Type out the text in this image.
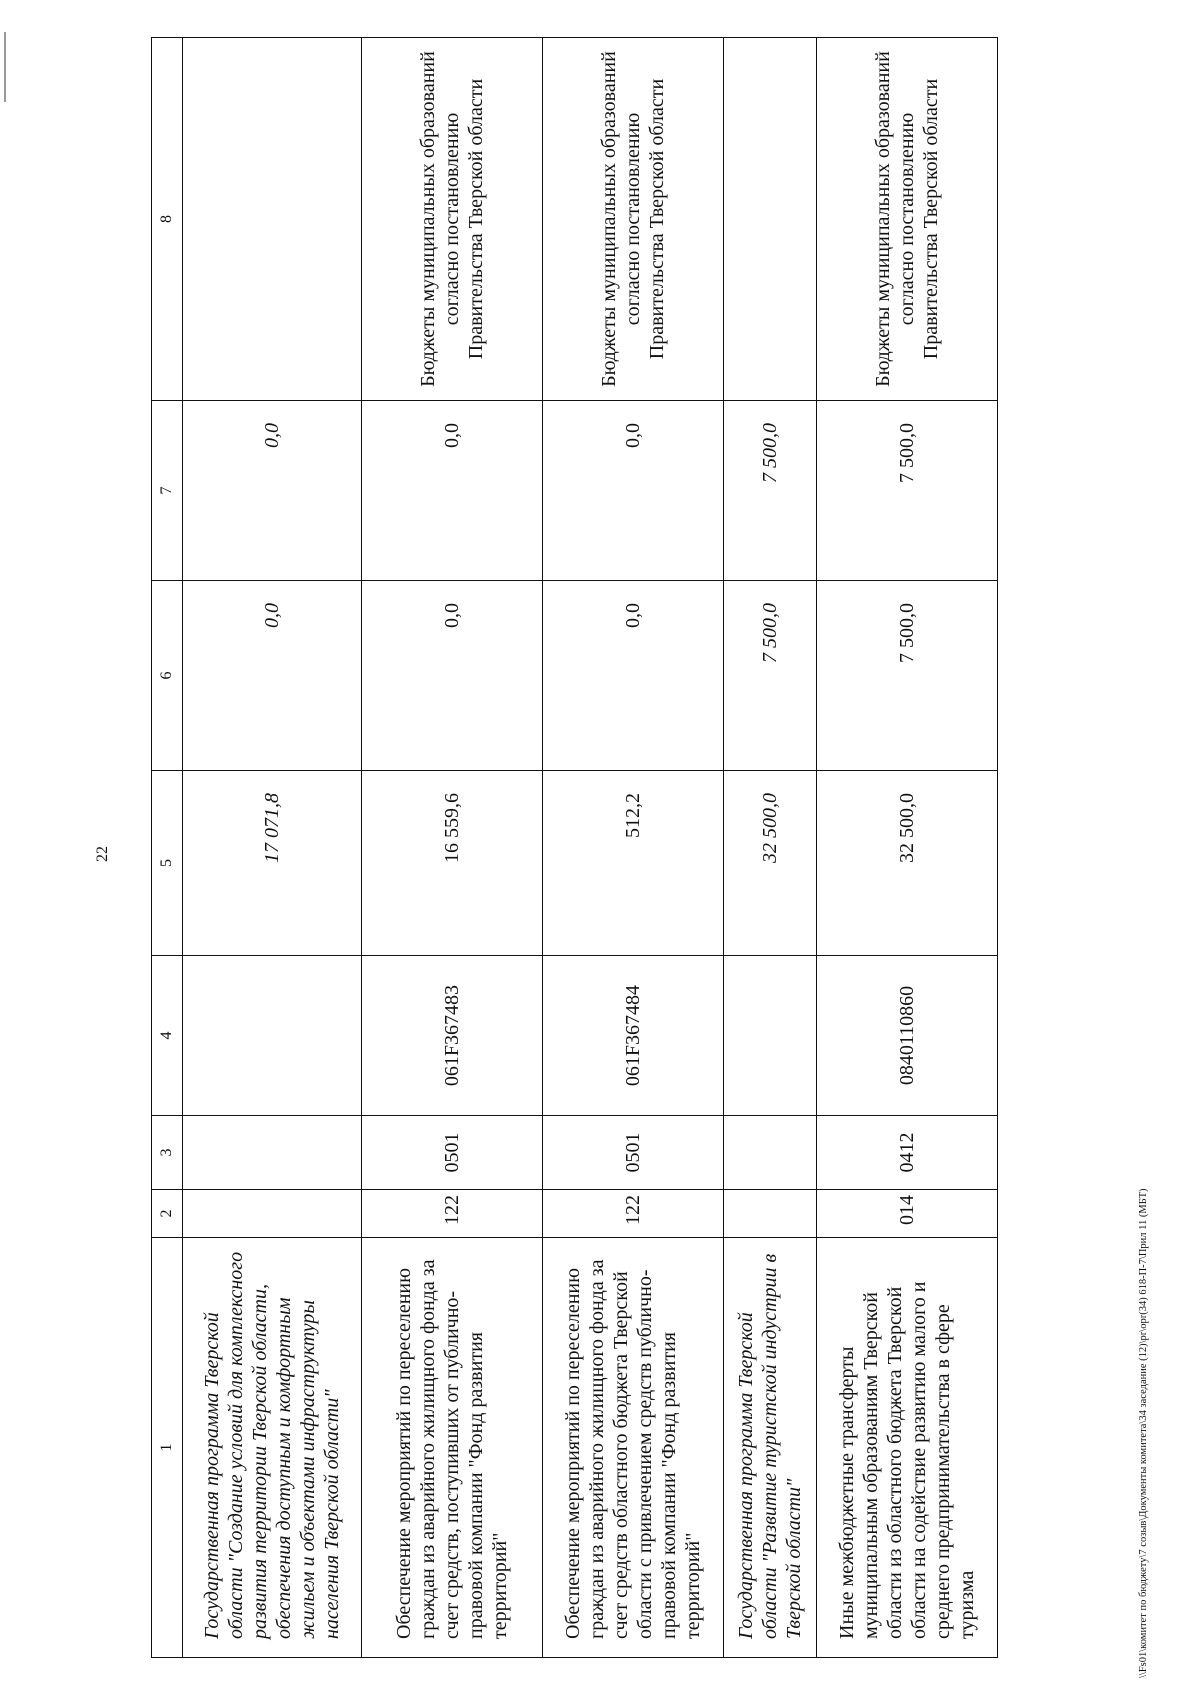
22
1	2	3	4	5	6	7	8
Государственная программа Тверской области "Создание условий для комплексного развития территории Тверской области, обеспечения доступным и комфортным жильем и объектами инфраструктуры населения Тверской области"				17 071,8	0,0	0,0	
Обеспечение мероприятий по переселению граждан из аварийного жилищного фонда за счет средств, поступивших от публично-правовой компании "Фонд развития территорий"	122	0501	061F367483	16 559,6	0,0	0,0	Бюджеты муниципальных образований согласно постановлению Правительства Тверской области
Обеспечение мероприятий по переселению граждан из аварийного жилищного фонда за счет средств областного бюджета Тверской области с привлечением средств публично-правовой компании "Фонд развития территорий"	122	0501	061F367484	512,2	0,0	0,0	Бюджеты муниципальных образований согласно постановлению Правительства Тверской области
Государственная программа Тверской области "Развитие туристской индустрии в Тверской области"				32 500,0	7 500,0	7 500,0	
Иные межбюджетные трансферты муниципальным образованиям Тверской области из областного бюджета Тверской области на содействие развитию малого и среднего предпринимательства в сфере туризма	014	0412	0840110860	32 500,0	7 500,0	7 500,0	Бюджеты муниципальных образований согласно постановлению Правительства Тверской области
\\Fs01\комитет по бюджету\7 созыв\Документы комитета\34 заседание (12)\pr\opr(34) 618-П-7\Прил 11 (МБТ)
